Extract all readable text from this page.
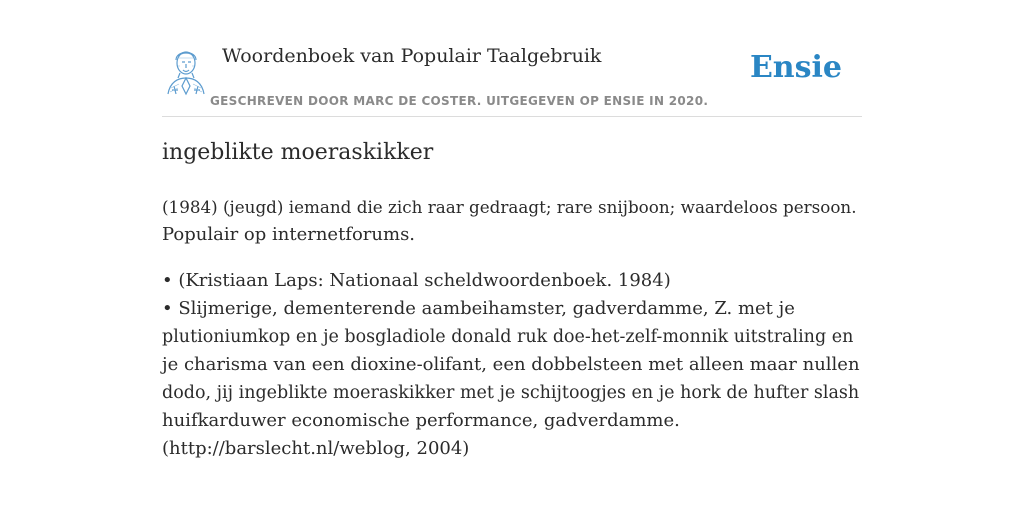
Woordenboek van Populair Taalgebruik
GESCHREVEN DOOR MARC DE COSTER. UITGEGEVEN OP ENSIE IN 2020.
Ensie
ingeblikte moeraskikker
(1984) (jeugd) iemand die zich raar gedraagt; rare snijboon; waardeloos persoon.
Populair op internetforums.
• (Kristiaan Laps: Nationaal scheldwoordenboek. 1984)
• Slijmerige, dementerende aambeihamster, gadverdamme, Z. met je
plutioniumkop en je bosgladiole donald ruk doe-het-zelf-monnik uitstraling en
je charisma van een dioxine-olifant, een dobbelsteen met alleen maar nullen
dodo, jij ingeblikte moeraskikker met je schijtoogjes en je hork de hufter slash
huifkarduwer economische performance, gadverdamme.
(http://barslecht.nl/weblog, 2004)
